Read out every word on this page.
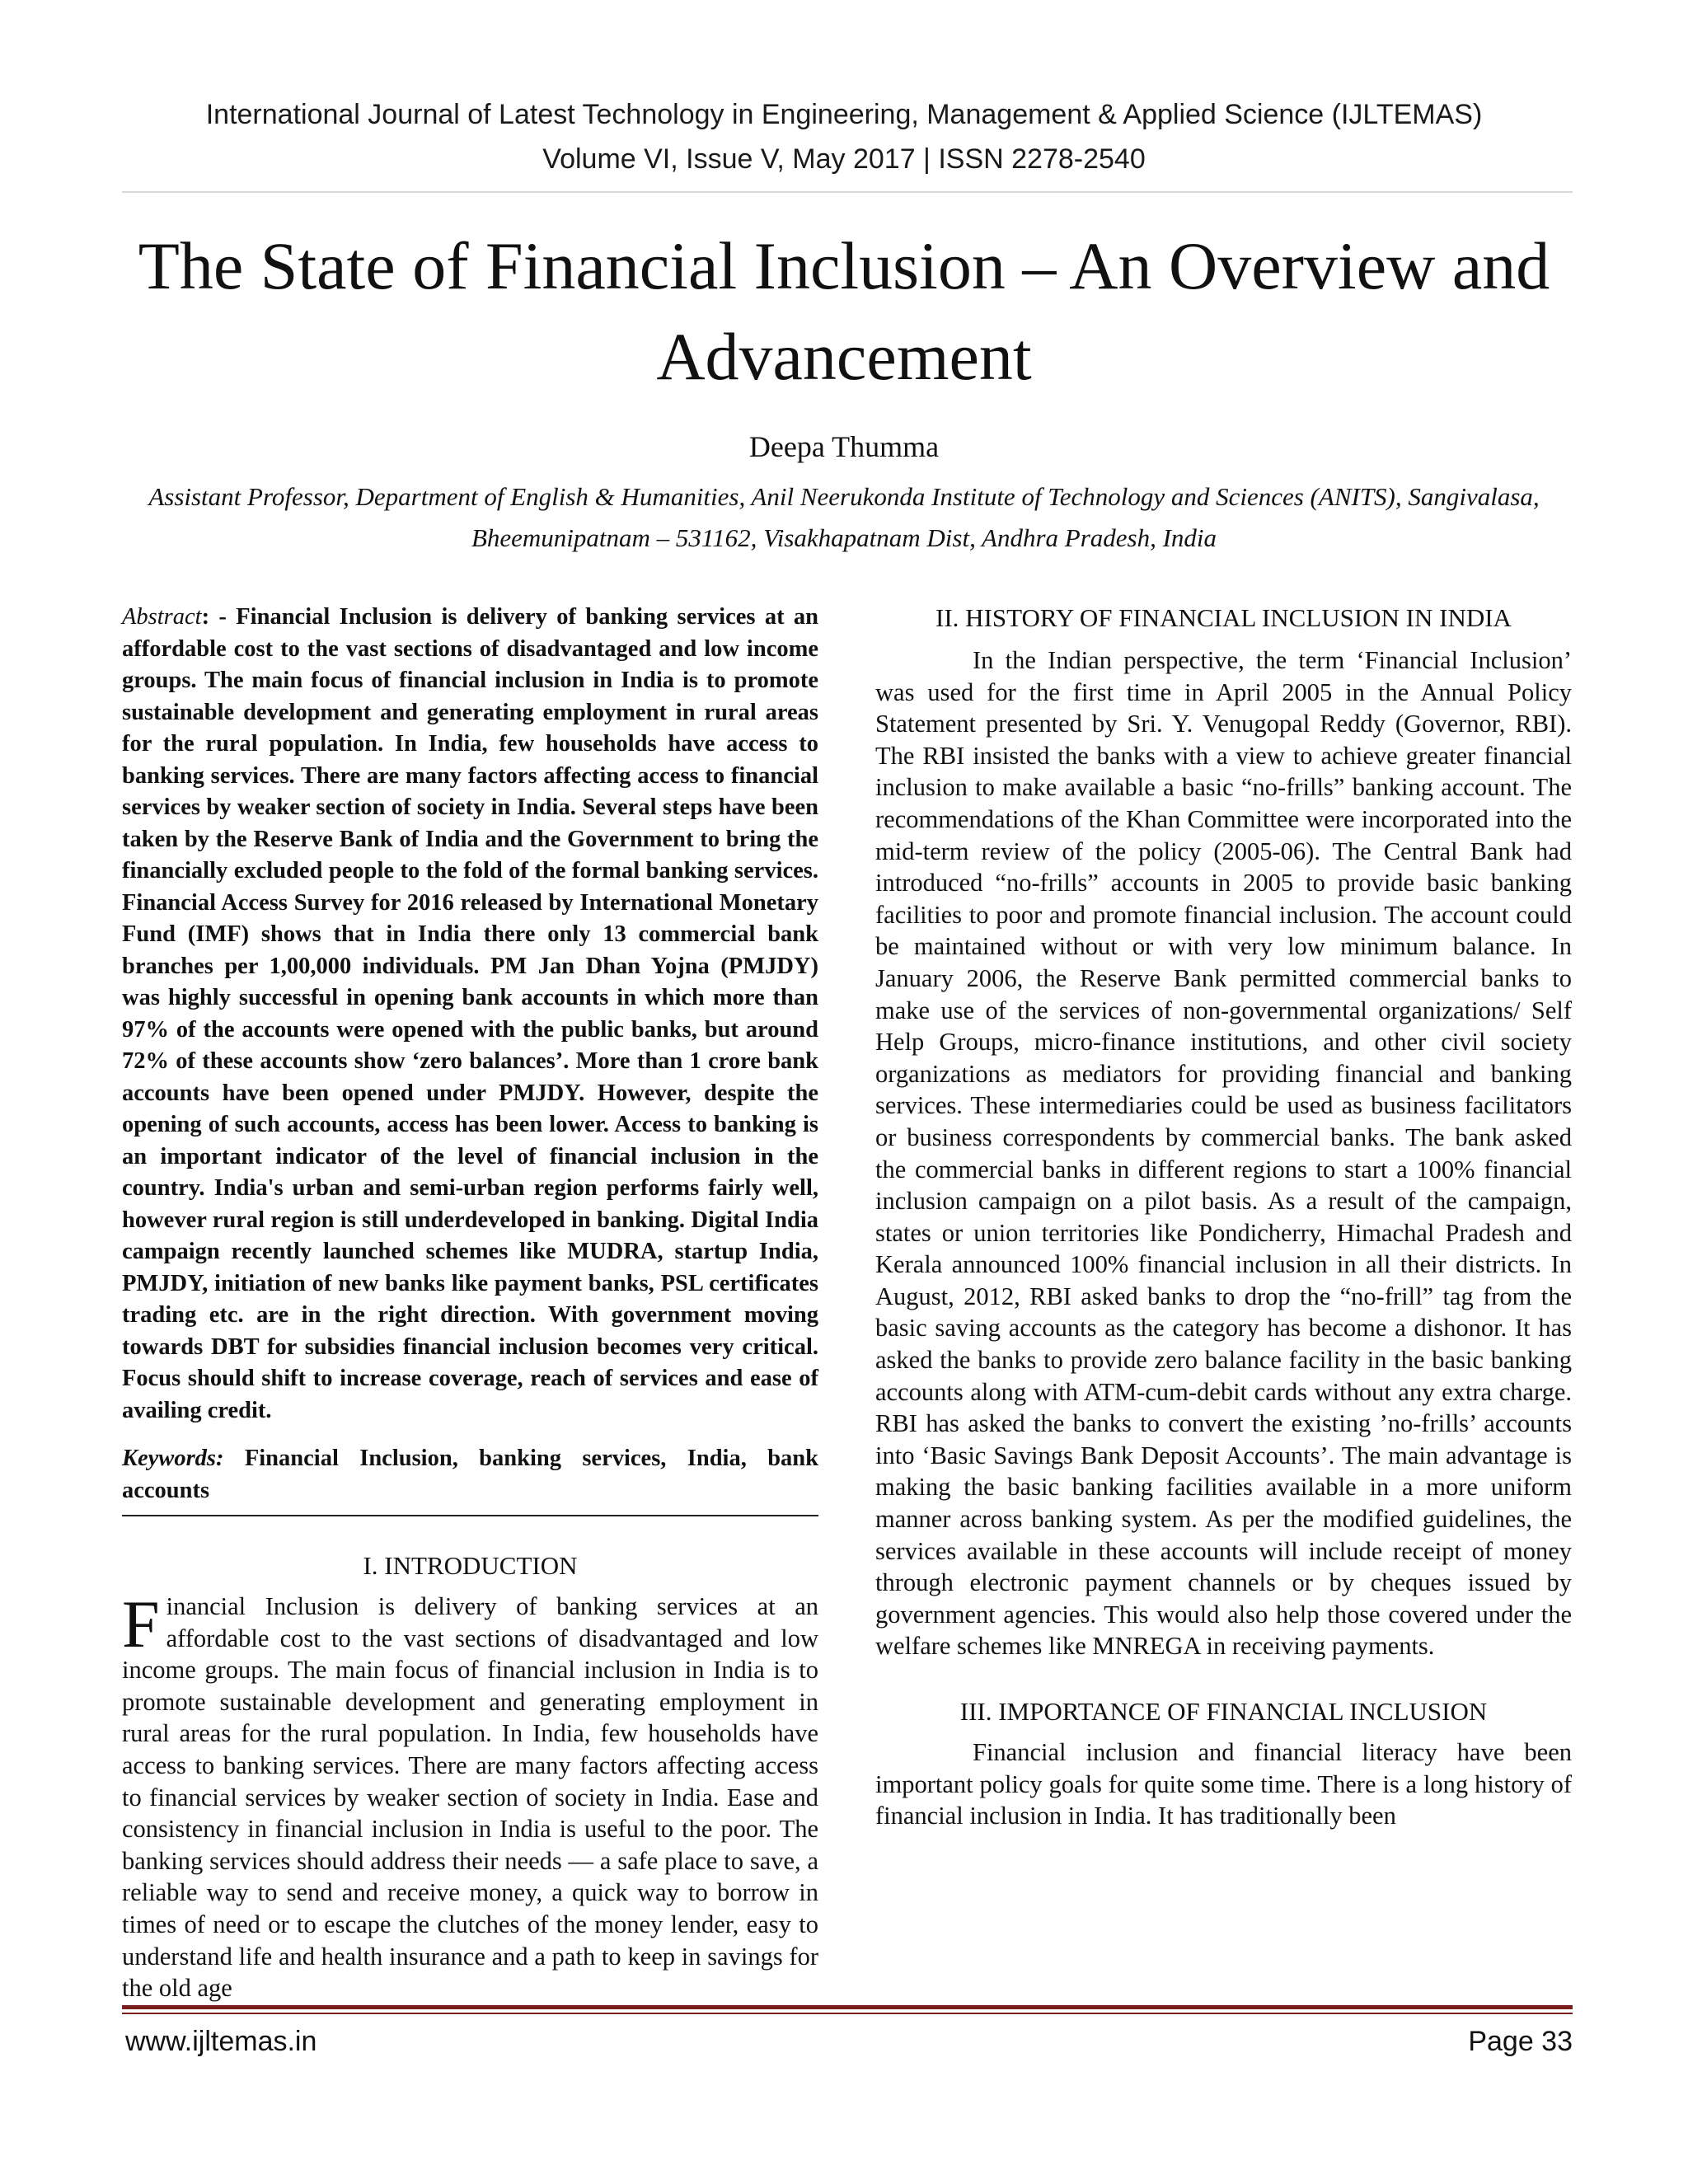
International Journal of Latest Technology in Engineering, Management & Applied Science (IJLTEMAS)
Volume VI, Issue V, May 2017 | ISSN 2278-2540
The State of Financial Inclusion – An Overview and Advancement
Deepa Thumma
Assistant Professor, Department of English & Humanities, Anil Neerukonda Institute of Technology and Sciences (ANITS), Sangivalasa, Bheemunipatnam – 531162, Visakhapatnam Dist, Andhra Pradesh, India

Abstract: - Financial Inclusion is delivery of banking services at an affordable cost to the vast sections of disadvantaged and low income groups. The main focus of financial inclusion in India is to promote sustainable development and generating employment in rural areas for the rural population. In India, few households have access to banking services. There are many factors affecting access to financial services by weaker section of society in India. Several steps have been taken by the Reserve Bank of India and the Government to bring the financially excluded people to the fold of the formal banking services. Financial Access Survey for 2016 released by International Monetary Fund (IMF) shows that in India there only 13 commercial bank branches per 1,00,000 individuals. PM Jan Dhan Yojna (PMJDY) was highly successful in opening bank accounts in which more than 97% of the accounts were opened with the public banks, but around 72% of these accounts show ‘zero balances’. More than 1 crore bank accounts have been opened under PMJDY. However, despite the opening of such accounts, access has been lower. Access to banking is an important indicator of the level of financial inclusion in the country. India's urban and semi-urban region performs fairly well, however rural region is still underdeveloped in banking. Digital India campaign recently launched schemes like MUDRA, startup India, PMJDY, initiation of new banks like payment banks, PSL certificates trading etc. are in the right direction. With government moving towards DBT for subsidies financial inclusion becomes very critical. Focus should shift to increase coverage, reach of services and ease of availing credit.

Keywords: Financial Inclusion, banking services, India, bank accounts

I. INTRODUCTION

Financial Inclusion is delivery of banking services at an affordable cost to the vast sections of disadvantaged and low income groups. The main focus of financial inclusion in India is to promote sustainable development and generating employment in rural areas for the rural population. In India, few households have access to banking services. There are many factors affecting access to financial services by weaker section of society in India. Ease and consistency in financial inclusion in India is useful to the poor. The banking services should address their needs — a safe place to save, a reliable way to send and receive money, a quick way to borrow in times of need or to escape the clutches of the money lender, easy to understand life and health insurance and a path to keep in savings for the old age

II. HISTORY OF FINANCIAL INCLUSION IN INDIA

In the Indian perspective, the term ‘Financial Inclusion’ was used for the first time in April 2005 in the Annual Policy Statement presented by Sri. Y. Venugopal Reddy (Governor, RBI). The RBI insisted the banks with a view to achieve greater financial inclusion to make available a basic “no-frills” banking account. The recommendations of the Khan Committee were incorporated into the mid-term review of the policy (2005-06). The Central Bank had introduced “no-frills” accounts in 2005 to provide basic banking facilities to poor and promote financial inclusion. The account could be maintained without or with very low minimum balance. In January 2006, the Reserve Bank permitted commercial banks to make use of the services of non-governmental organizations/ Self Help Groups, micro-finance institutions, and other civil society organizations as mediators for providing financial and banking services. These intermediaries could be used as business facilitators or business correspondents by commercial banks. The bank asked the commercial banks in different regions to start a 100% financial inclusion campaign on a pilot basis. As a result of the campaign, states or union territories like Pondicherry, Himachal Pradesh and Kerala announced 100% financial inclusion in all their districts. In August, 2012, RBI asked banks to drop the “no-frill” tag from the basic saving accounts as the category has become a dishonor. It has asked the banks to provide zero balance facility in the basic banking accounts along with ATM-cum-debit cards without any extra charge. RBI has asked the banks to convert the existing ’no-frills’ accounts into ‘Basic Savings Bank Deposit Accounts’. The main advantage is making the basic banking facilities available in a more uniform manner across banking system. As per the modified guidelines, the services available in these accounts will include receipt of money through electronic payment channels or by cheques issued by government agencies. This would also help those covered under the welfare schemes like MNREGA in receiving payments.

III. IMPORTANCE OF FINANCIAL INCLUSION

Financial inclusion and financial literacy have been important policy goals for quite some time. There is a long history of financial inclusion in India. It has traditionally been

www.ijltemas.in	Page 33
